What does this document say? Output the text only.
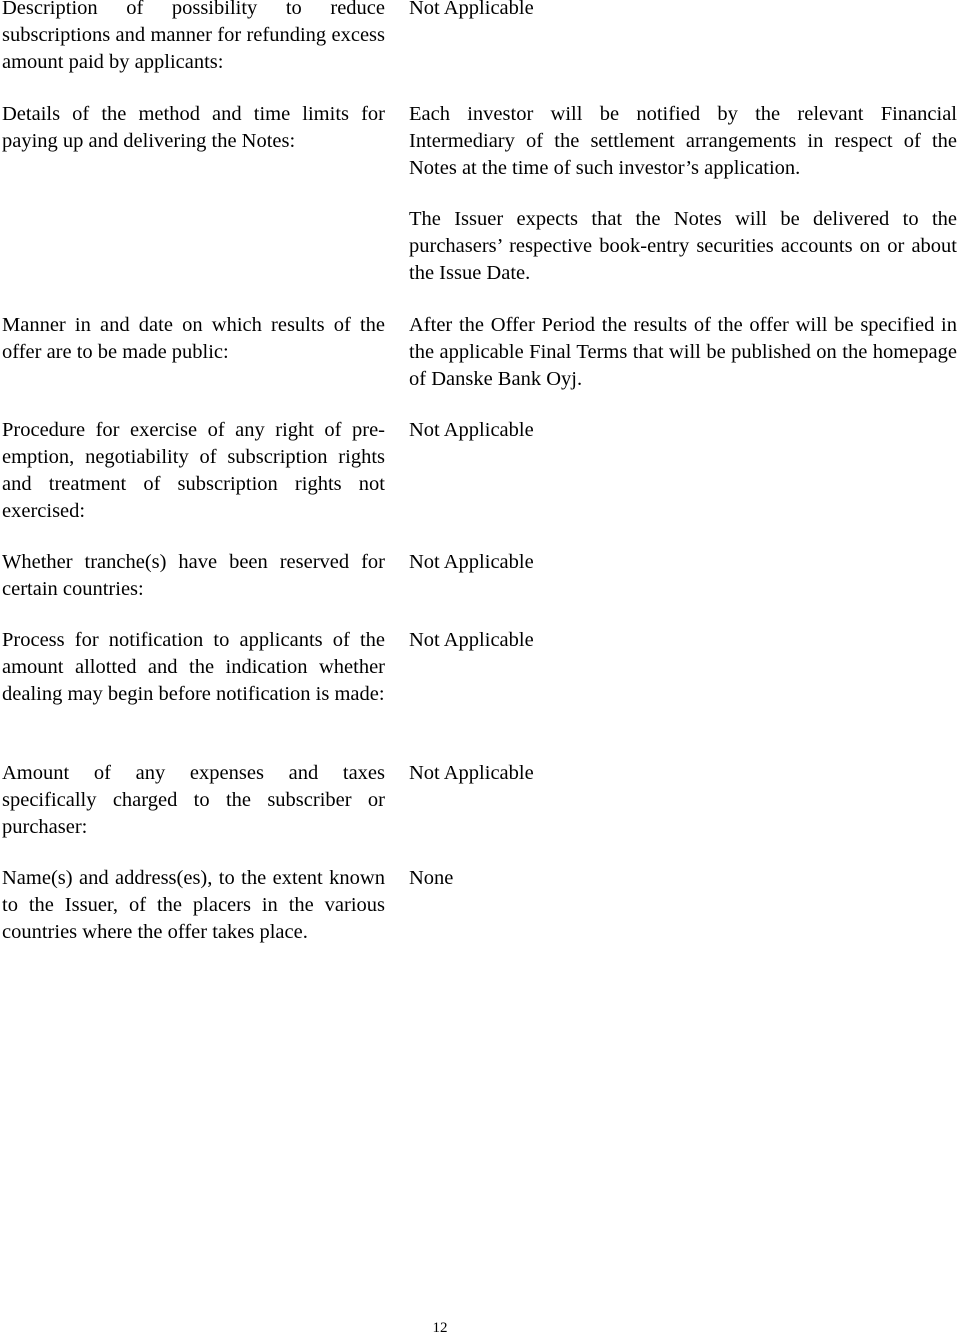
Description of possibility to reduce subscriptions and manner for refunding excess amount paid by applicants:

Not Applicable

Details of the method and time limits for paying up and delivering the Notes:

Each investor will be notified by the relevant Financial Intermediary of the settlement arrangements in respect of the Notes at the time of such investor’s application.

The Issuer expects that the Notes will be delivered to the purchasers’ respective book-entry securities accounts on or about the Issue Date.

Manner in and date on which results of the offer are to be made public:

After the Offer Period the results of the offer will be specified in the applicable Final Terms that will be published on the homepage of Danske Bank Oyj.

Procedure for exercise of any right of pre-emption, negotiability of subscription rights and treatment of subscription rights not exercised:

Not Applicable

Whether tranche(s) have been reserved for certain countries:

Not Applicable

Process for notification to applicants of the amount allotted and the indication whether dealing may begin before notification is made:

Not Applicable

Amount of any expenses and taxes specifically charged to the subscriber or purchaser:

Not Applicable

Name(s) and address(es), to the extent known to the Issuer, of the placers in the various countries where the offer takes place.

None

12
